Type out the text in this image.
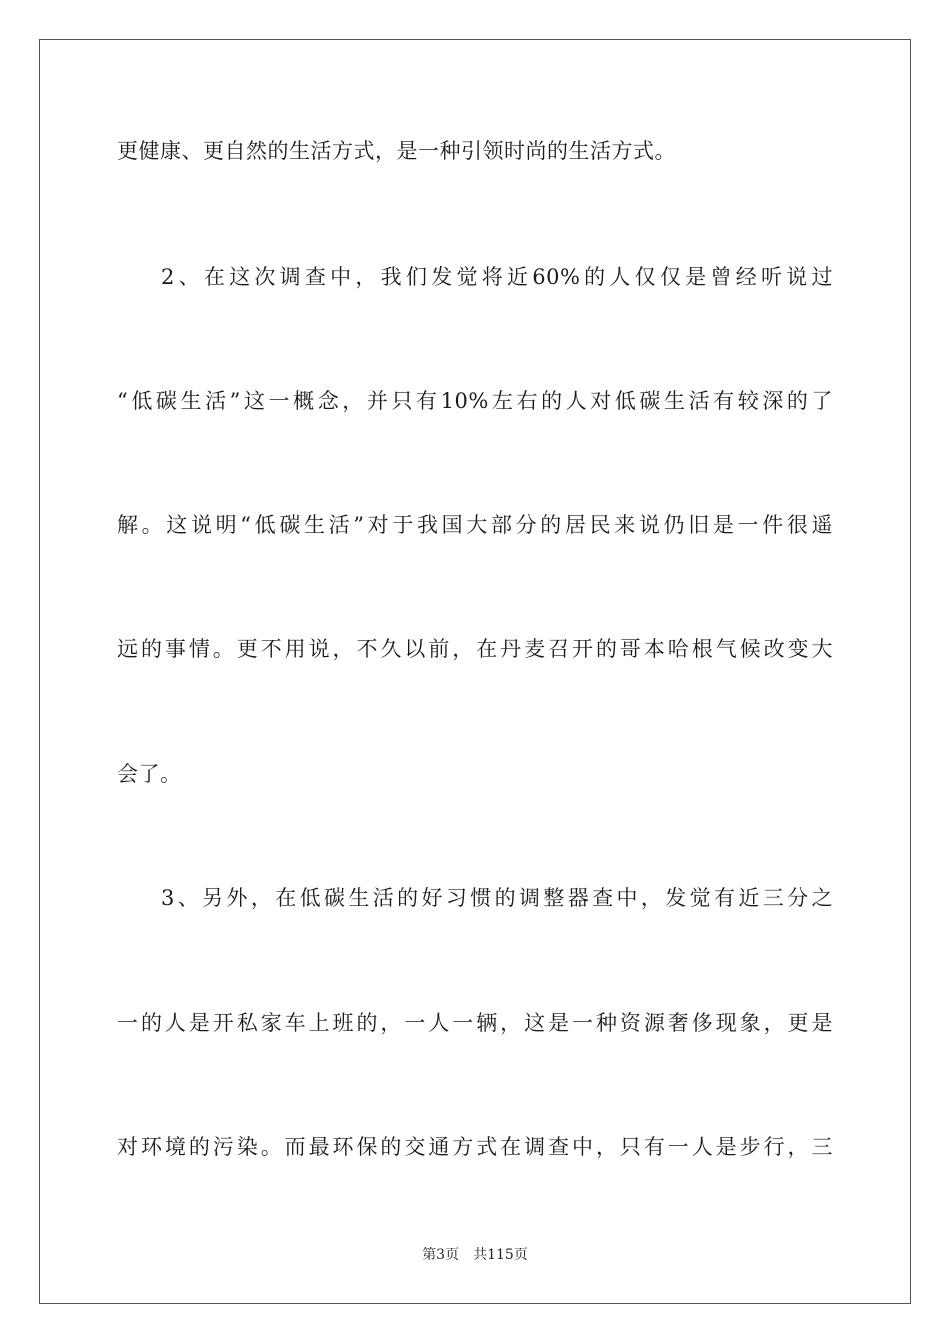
更健康、更自然的生活方式，是一种引领时尚的生活方式。
2、在这次调查中，我们发觉将近60%的人仅仅是曾经听说过
“低碳生活”这一概念，并只有10%左右的人对低碳生活有较深的了
解。这说明“低碳生活”对于我国大部分的居民来说仍旧是一件很遥
远的事情。更不用说，不久以前，在丹麦召开的哥本哈根气候改变大
会了。
3、另外，在低碳生活的好习惯的调整器查中，发觉有近三分之
一的人是开私家车上班的，一人一辆，这是一种资源奢侈现象，更是
对环境的污染。而最环保的交通方式在调查中，只有一人是步行，三
第3页 共115页
